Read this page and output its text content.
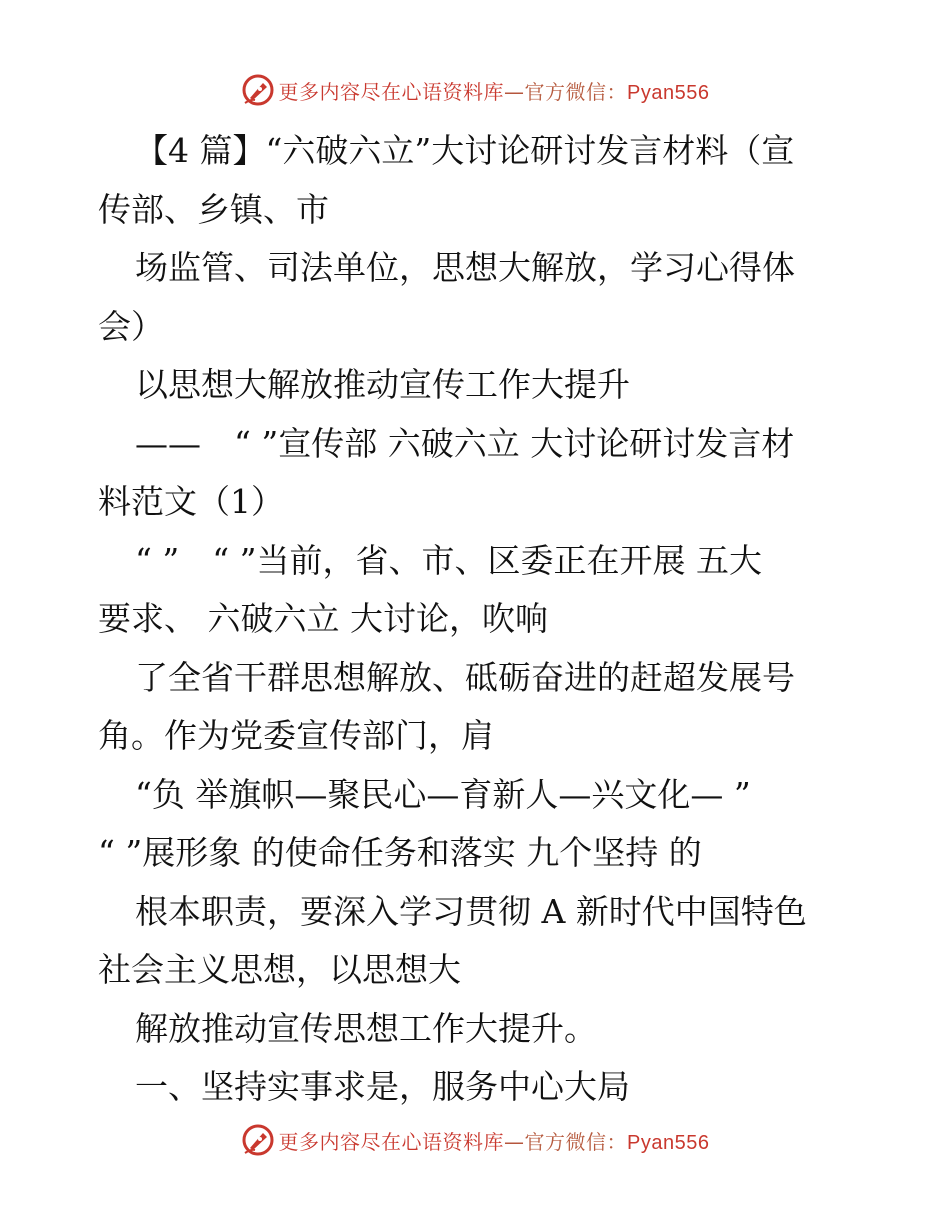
更多内容尽在心语资料库—官方微信：Pyan556
【4 篇】“六破六立”大讨论研讨发言材料（宣
传部、乡镇、市
场监管、司法单位，思想大解放，学习心得体
会）
以思想大解放推动宣传工作大提升
——　“ ”宣传部 六破六立 大讨论研讨发言材
料范文（1）
“ ”　“ ”当前，省、市、区委正在开展 五大
要求、 六破六立 大讨论，吹响
了全省干群思想解放、砥砺奋进的赶超发展号
角。作为党委宣传部门，肩
“负 举旗帜—聚民心—育新人—兴文化— ”
“ ”展形象 的使命任务和落实 九个坚持 的
根本职责，要深入学习贯彻 A 新时代中国特色
社会主义思想，以思想大
解放推动宣传思想工作大提升。
一、坚持实事求是，服务中心大局
更多内容尽在心语资料库—官方微信：Pyan556
